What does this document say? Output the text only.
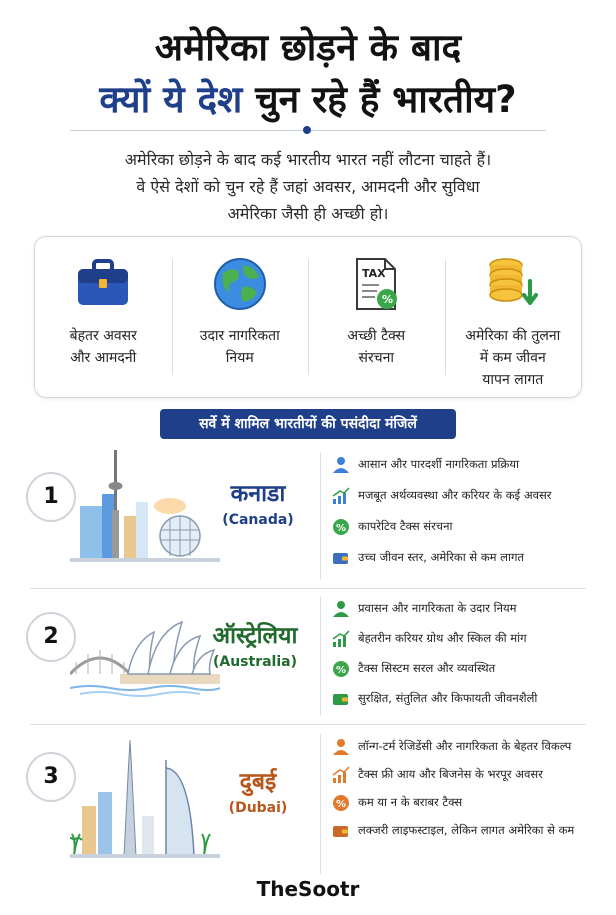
अमेरिका छोड़ने के बाद
क्यों ये देश चुन रहे हैं भारतीय?
अमेरिका छोड़ने के बाद कई भारतीय भारत नहीं लौटना चाहते हैं।
वे ऐसे देशों को चुन रहे हैं जहां अवसर, आमदनी और सुविधा
अमेरिका जैसी ही अच्छी हो।
बेहतर अवसर
और आमदनी
उदार नागरिकता
नियम
TAX
%
अच्छी टैक्स
संरचना
अमेरिका की तुलना
में कम जीवन
यापन लागत
सर्वे में शामिल भारतीयों की पसंदीदा मंजिलें
1	कनाडा
(Canada)
आसान और पारदर्शी नागरिकता प्रक्रिया
मजबूत अर्थव्यवस्था और करियर के कई अवसर
% कापरेटिव टैक्स संरचना
उच्च जीवन स्तर, अमेरिका से कम लागत
2	ऑस्ट्रेलिया
(Australia)
प्रवासन और नागरिकता के उदार नियम
बेहतरीन करियर ग्रोथ और स्किल की मांग
% टैक्स सिस्टम सरल और व्यवस्थित
सुरक्षित, संतुलित और किफायती जीवनशैली
3	दुबई
(Dubai)
लॉन्ग-टर्म रेजिडेंसी और नागरिकता के बेहतर विकल्प
टैक्स फ्री आय और बिजनेस के भरपूर अवसर
% कम या न के बराबर टैक्स
लक्जरी लाइफस्टाइल, लेकिन लागत अमेरिका से कम
TheSootr
